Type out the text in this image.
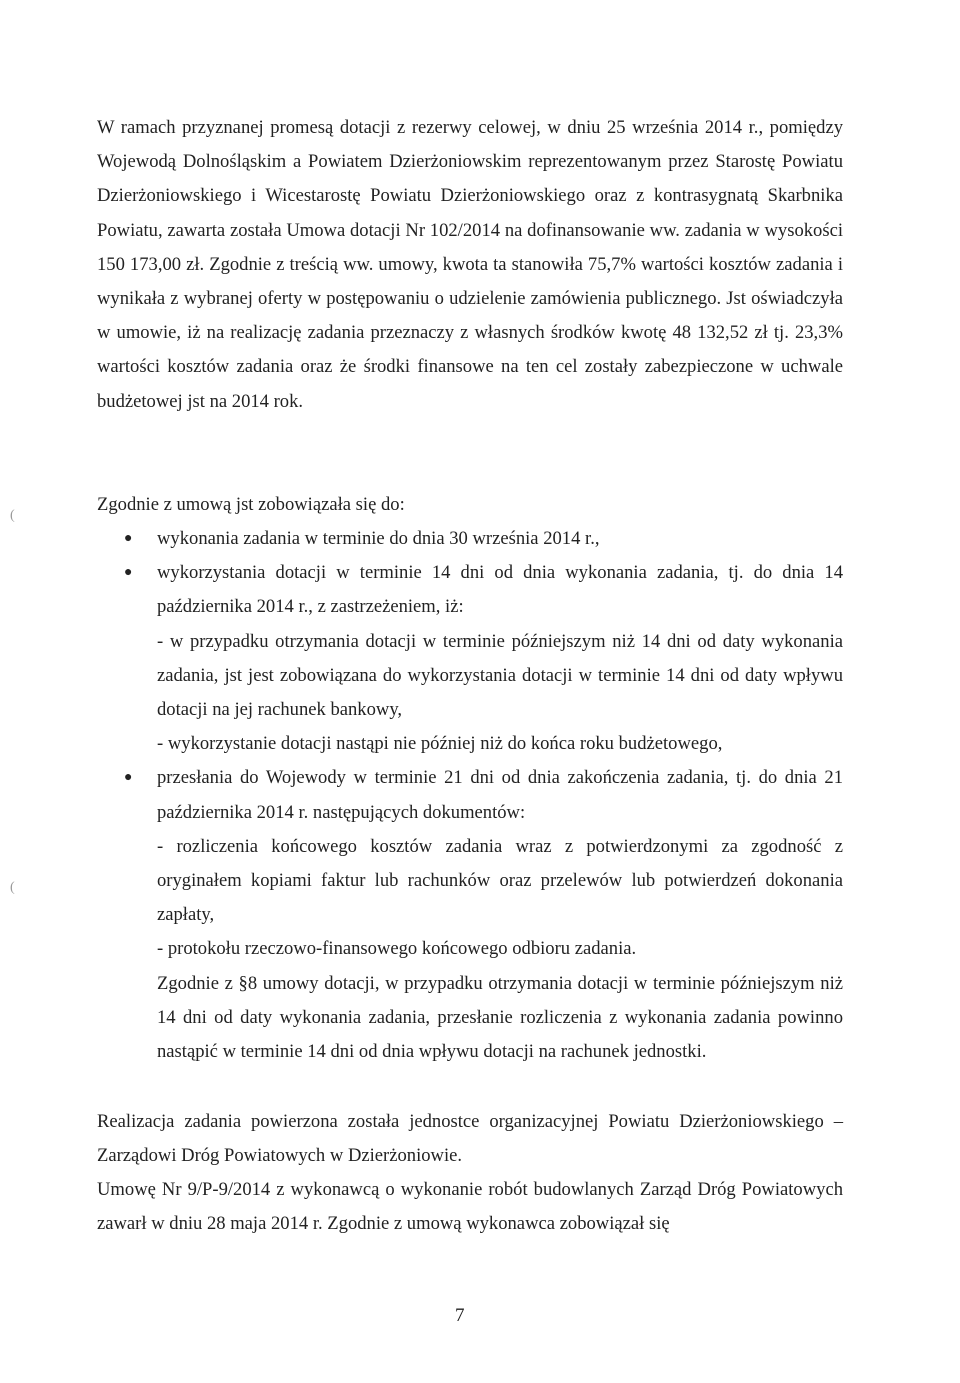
W ramach przyznanej promesą dotacji z rezerwy celowej, w dniu 25 września 2014 r., pomiędzy Wojewodą Dolnośląskim a Powiatem Dzierżoniowskim reprezentowanym przez Starostę Powiatu Dzierżoniowskiego i Wicestarostę Powiatu Dzierżoniowskiego oraz z kontrasygnatą Skarbnika Powiatu, zawarta została Umowa dotacji Nr 102/2014 na dofinansowanie ww. zadania w wysokości 150 173,00 zł. Zgodnie z treścią ww. umowy, kwota ta stanowiła 75,7% wartości kosztów zadania i wynikała z wybranej oferty w postępowaniu o udzielenie zamówienia publicznego. Jst oświadczyła w umowie, iż na realizację zadania przeznaczy z własnych środków kwotę 48 132,52 zł tj. 23,3% wartości kosztów zadania oraz że środki finansowe na ten cel zostały zabezpieczone w uchwale budżetowej jst na 2014 rok.

Zgodnie z umową jst zobowiązała się do:

● wykonania zadania w terminie do dnia 30 września 2014 r.,
● wykorzystania dotacji w terminie 14 dni od dnia wykonania zadania, tj. do dnia 14 października 2014 r., z zastrzeżeniem, iż:
- w przypadku otrzymania dotacji w terminie późniejszym niż 14 dni od daty wykonania zadania, jst jest zobowiązana do wykorzystania dotacji w terminie 14 dni od daty wpływu dotacji na jej rachunek bankowy,
- wykorzystanie dotacji nastąpi nie później niż do końca roku budżetowego,
● przesłania do Wojewody w terminie 21 dni od dnia zakończenia zadania, tj. do dnia 21 października 2014 r. następujących dokumentów:
- rozliczenia końcowego kosztów zadania wraz z potwierdzonymi za zgodność z oryginałem kopiami faktur lub rachunków oraz przelewów lub potwierdzeń dokonania zapłaty,
- protokołu rzeczowo-finansowego końcowego odbioru zadania.
Zgodnie z §8 umowy dotacji, w przypadku otrzymania dotacji w terminie późniejszym niż 14 dni od daty wykonania zadania, przesłanie rozliczenia z wykonania zadania powinno nastąpić w terminie 14 dni od dnia wpływu dotacji na rachunek jednostki.

Realizacja zadania powierzona została jednostce organizacyjnej Powiatu Dzierżoniowskiego – Zarządowi Dróg Powiatowych w Dzierżoniowie.

Umowę Nr 9/P-9/2014 z wykonawcą o wykonanie robót budowlanych Zarząd Dróg Powiatowych zawarł w dniu 28 maja 2014 r. Zgodnie z umową wykonawca zobowiązał się

7
(
(
